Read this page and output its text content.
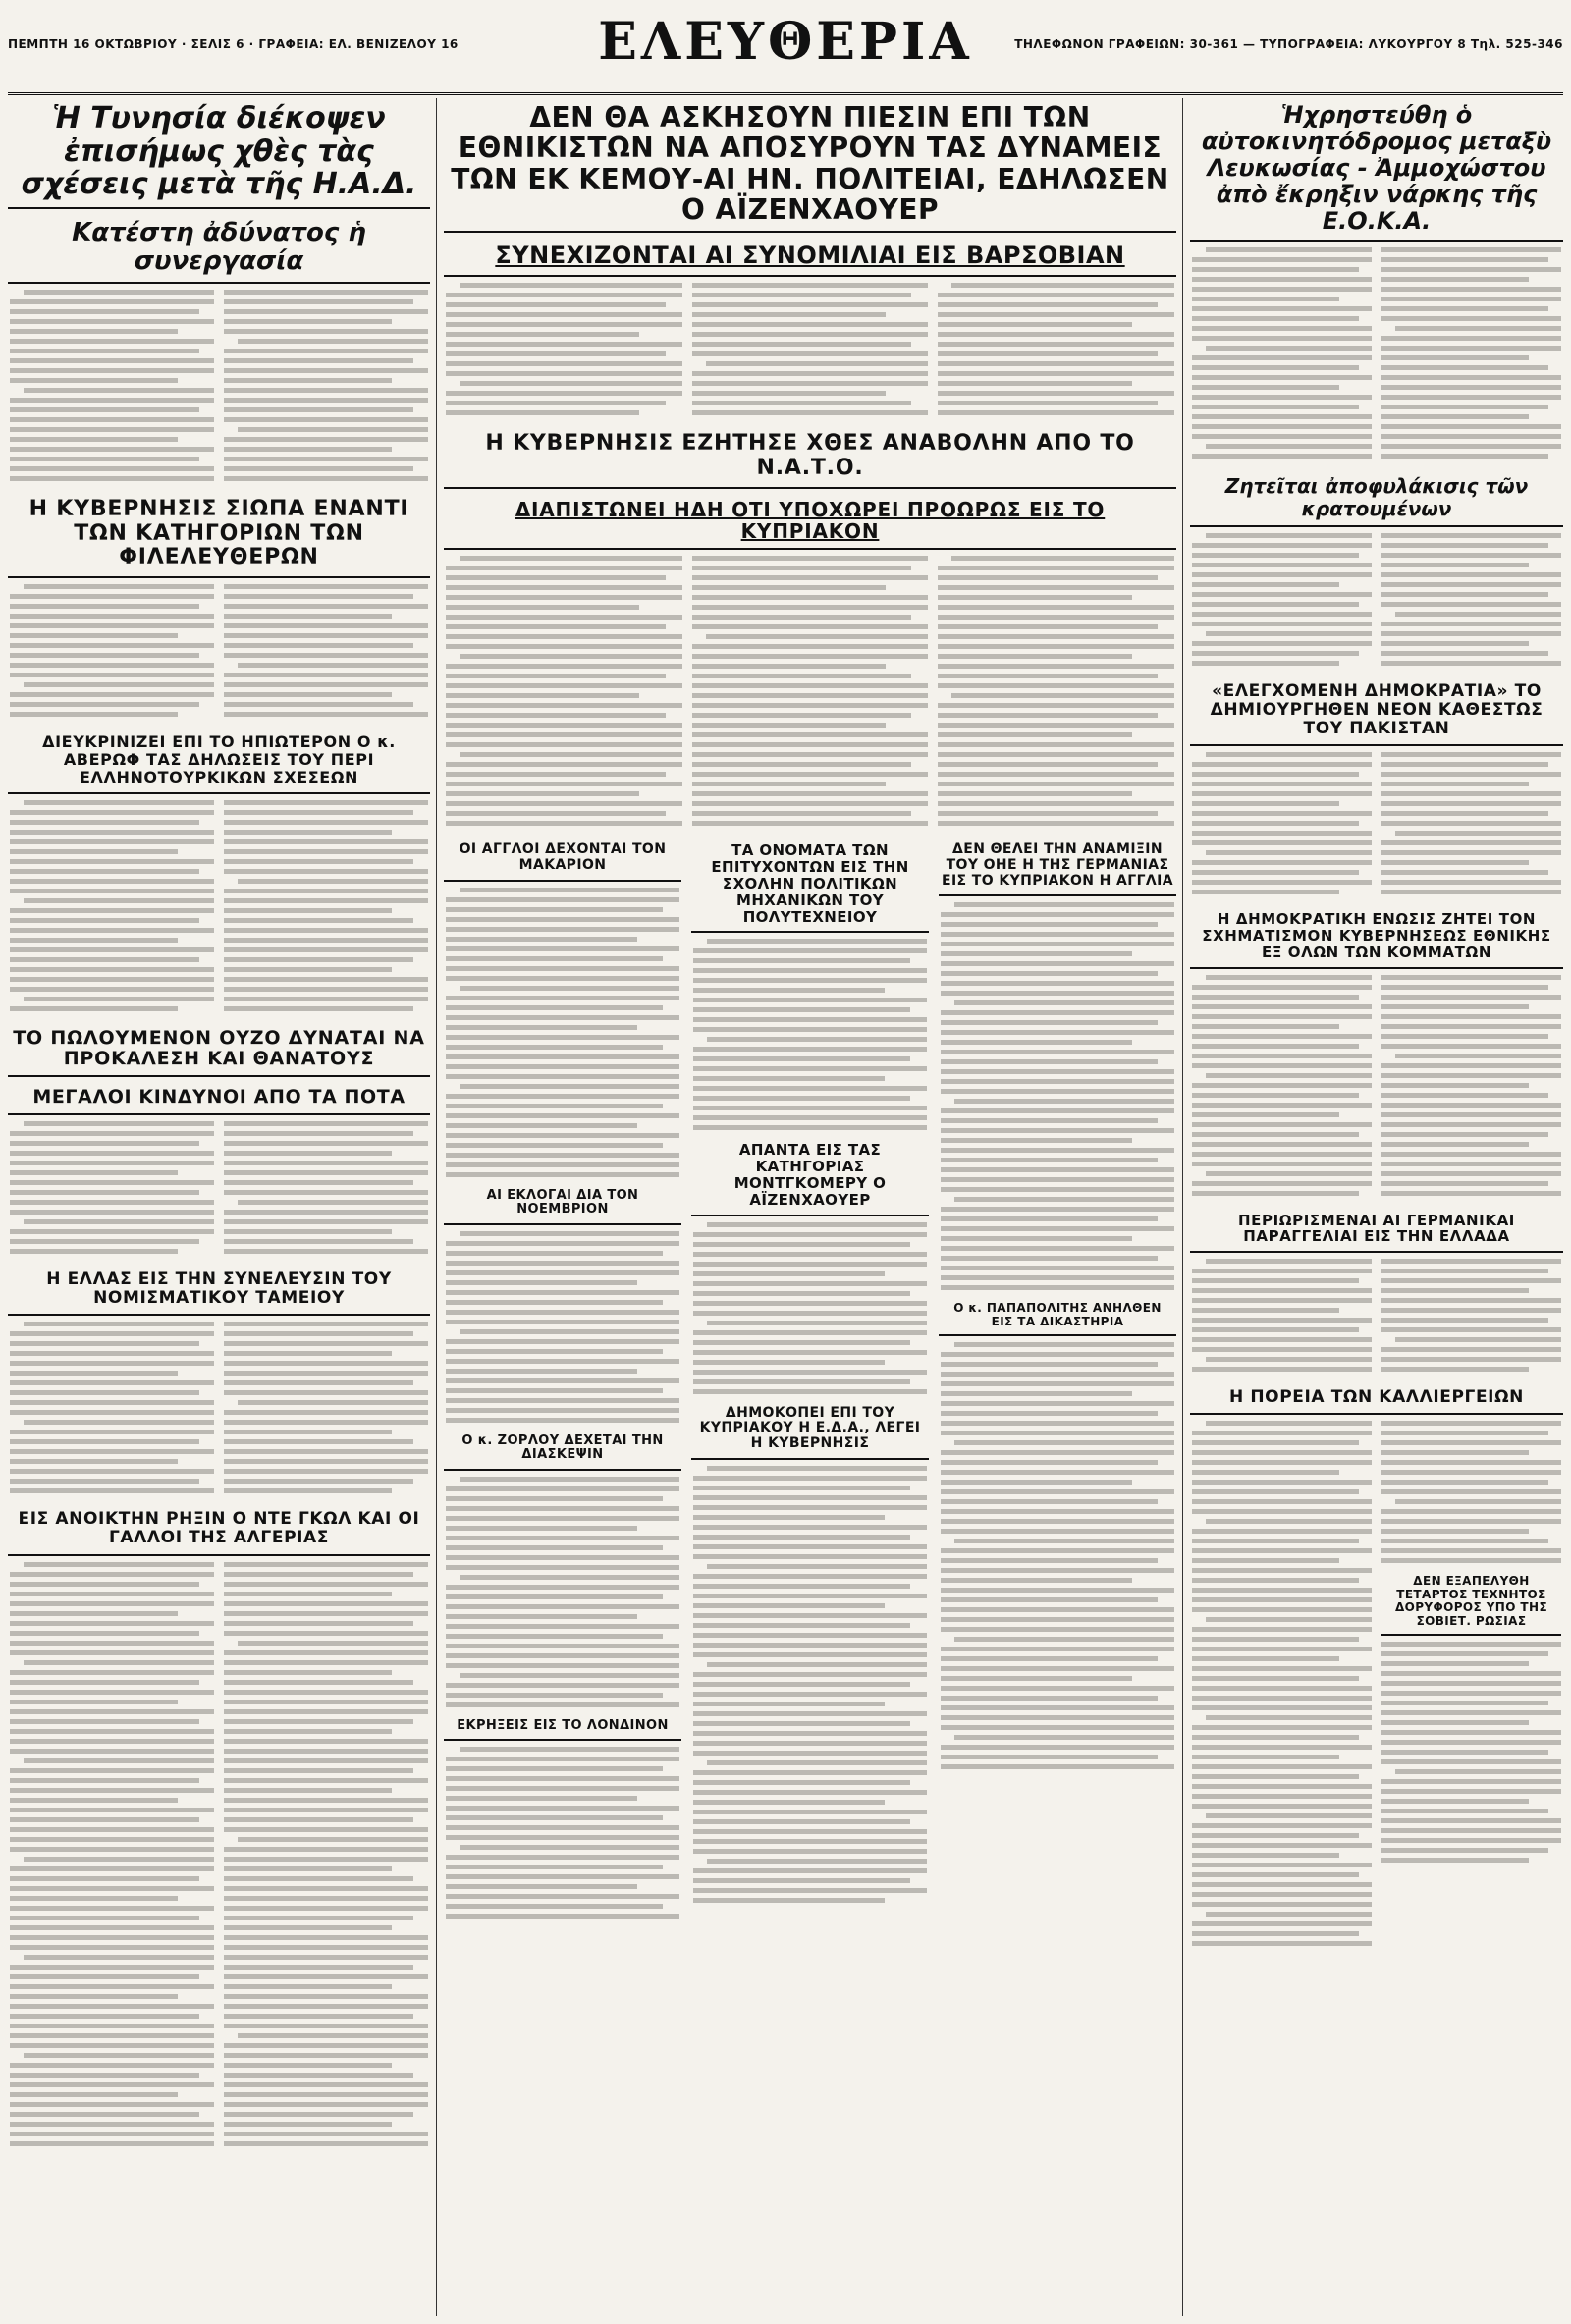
ΠΕΜΠΤΗ 16 ΟΚΤΩΒΡΙΟΥ · ΣΕΛΙΣ 6 · ΓΡΑΦΕΙΑ: ΕΛ. ΒΕΝΙΖΕΛΟΥ 16	ΕΛΕΥΘΕΡΙΑ	ΤΗΛΕΦΩΝΟΝ ΓΡΑΦΕΙΩΝ: 30-361 — ΤΥΠΟΓΡΑΦΕΙΑ: ΛΥΚΟΥΡΓΟΥ 8 Τηλ. 525-346
Ἡ Τυνησία διέκοψεν ἐπισήμως χθὲς τὰς σχέσεις μετὰ τῆς Η.Α.Δ.
Κατέστη ἀδύνατος ἡ συνεργασία
Η ΚΥΒΕΡΝΗΣΙΣ ΣΙΩΠΑ ΕΝΑΝΤΙ ΤΩΝ ΚΑΤΗΓΟΡΙΩΝ ΤΩΝ ΦΙΛΕΛΕΥΘΕΡΩΝ
ΔΙΕΥΚΡΙΝΙΖΕΙ ΕΠΙ ΤΟ ΗΠΙΩΤΕΡΟΝ Ο κ. ΑΒΕΡΩΦ ΤΑΣ ΔΗΛΩΣΕΙΣ ΤΟΥ ΠΕΡΙ ΕΛΛΗΝΟΤΟΥΡΚΙΚΩΝ ΣΧΕΣΕΩΝ
ΤΟ ΠΩΛΟΥΜΕΝΟΝ ΟΥΖΟ ΔΥΝΑΤΑΙ ΝΑ ΠΡΟΚΑΛΕΣΗ ΚΑΙ ΘΑΝΑΤΟΥΣ
ΜΕΓΑΛΟΙ ΚΙΝΔΥΝΟΙ ΑΠΟ ΤΑ ΠΟΤΑ
Η ΕΛΛΑΣ ΕΙΣ ΤΗΝ ΣΥΝΕΛΕΥΣΙΝ ΤΟΥ ΝΟΜΙΣΜΑΤΙΚΟΥ ΤΑΜΕΙΟΥ
ΕΙΣ ΑΝΟΙΚΤΗΝ ΡΗΞΙΝ Ο ΝΤΕ ΓΚΩΛ ΚΑΙ ΟΙ ΓΑΛΛΟΙ ΤΗΣ ΑΛΓΕΡΙΑΣ
ΔΕΝ ΘΑ ΑΣΚΗΣΟΥΝ ΠΙΕΣΙΝ ΕΠΙ ΤΩΝ ΕΘΝΙΚΙΣΤΩΝ ΝΑ ΑΠΟΣΥΡΟΥΝ ΤΑΣ ΔΥΝΑΜΕΙΣ ΤΩΝ ΕΚ ΚΕΜΟΥ-ΑΙ ΗΝ. ΠΟΛΙΤΕΙΑΙ, ΕΔΗΛΩΣΕΝ Ο ΑΪΖΕΝΧΑΟΥΕΡ
ΣΥΝΕΧΙΖΟΝΤΑΙ ΑΙ ΣΥΝΟΜΙΛΙΑΙ ΕΙΣ ΒΑΡΣΟΒΙΑΝ
Η ΚΥΒΕΡΝΗΣΙΣ ΕΖΗΤΗΣΕ ΧΘΕΣ ΑΝΑΒΟΛΗΝ ΑΠΟ ΤΟ Ν.Α.Τ.Ο.
ΔΙΑΠΙΣΤΩΝΕΙ ΗΔΗ ΟΤΙ ΥΠΟΧΩΡΕΙ ΠΡΟΩΡΩΣ ΕΙΣ ΤΟ ΚΥΠΡΙΑΚΟΝ
ΟΙ ΑΓΓΛΟΙ ΔΕΧΟΝΤΑΙ ΤΟΝ ΜΑΚΑΡΙΟΝ
ΑΙ ΕΚΛΟΓΑΙ ΔΙΑ ΤΟΝ ΝΟΕΜΒΡΙΟΝ
Ο κ. ΖΟΡΛΟΥ ΔΕΧΕΤΑΙ ΤΗΝ ΔΙΑΣΚΕΨΙΝ
ΕΚΡΗΞΕΙΣ ΕΙΣ ΤΟ ΛΟΝΔΙΝΟΝ
ΤΑ ΟΝΟΜΑΤΑ ΤΩΝ ΕΠΙΤΥΧΟΝΤΩΝ ΕΙΣ ΤΗΝ ΣΧΟΛΗΝ ΠΟΛΙΤΙΚΩΝ ΜΗΧΑΝΙΚΩΝ ΤΟΥ ΠΟΛΥΤΕΧΝΕΙΟΥ
ΑΠΑΝΤΑ ΕΙΣ ΤΑΣ ΚΑΤΗΓΟΡΙΑΣ ΜΟΝΤΓΚΟΜΕΡΥ Ο ΑΪΖΕΝΧΑΟΥΕΡ
ΔΗΜΟΚΟΠΕΙ ΕΠΙ ΤΟΥ ΚΥΠΡΙΑΚΟΥ Η Ε.Δ.Α., ΛΕΓΕΙ Η ΚΥΒΕΡΝΗΣΙΣ
ΔΕΝ ΘΕΛΕΙ ΤΗΝ ΑΝΑΜΙΞΙΝ ΤΟΥ ΟΗΕ Η ΤΗΣ ΓΕΡΜΑΝΙΑΣ ΕΙΣ ΤΟ ΚΥΠΡΙΑΚΟΝ Η ΑΓΓΛΙΑ
Ο κ. ΠΑΠΑΠΟΛΙΤΗΣ ΑΝΗΛΘΕΝ ΕΙΣ ΤΑ ΔΙΚΑΣΤΗΡΙΑ
Ἡχρηστεύθη ὁ αὐτοκινητόδρομος μεταξὺ Λευκωσίας - Ἀμμοχώστου ἀπὸ ἔκρηξιν νάρκης τῆς Ε.Ο.Κ.Α.
Ζητεῖται ἀποφυλάκισις τῶν κρατουμένων
«ΕΛΕΓΧΟΜΕΝΗ ΔΗΜΟΚΡΑΤΙΑ» ΤΟ ΔΗΜΙΟΥΡΓΗΘΕΝ ΝΕΟΝ ΚΑΘΕΣΤΩΣ ΤΟΥ ΠΑΚΙΣΤΑΝ
Η ΔΗΜΟΚΡΑΤΙΚΗ ΕΝΩΣΙΣ ΖΗΤΕΙ ΤΟΝ ΣΧΗΜΑΤΙΣΜΟΝ ΚΥΒΕΡΝΗΣΕΩΣ ΕΘΝΙΚΗΣ ΕΞ ΟΛΩΝ ΤΩΝ ΚΟΜΜΑΤΩΝ
ΠΕΡΙΩΡΙΣΜΕΝΑΙ ΑΙ ΓΕΡΜΑΝΙΚΑΙ ΠΑΡΑΓΓΕΛΙΑΙ ΕΙΣ ΤΗΝ ΕΛΛΑΔΑ
Η ΠΟΡΕΙΑ ΤΩΝ ΚΑΛΛΙΕΡΓΕΙΩΝ
ΔΕΝ ΕΞΑΠΕΛΥΘΗ ΤΕΤΑΡΤΟΣ ΤΕΧΝΗΤΟΣ ΔΟΡΥΦΟΡΟΣ ΥΠΟ ΤΗΣ ΣΟΒΙΕΤ. ΡΩΣΙΑΣ
